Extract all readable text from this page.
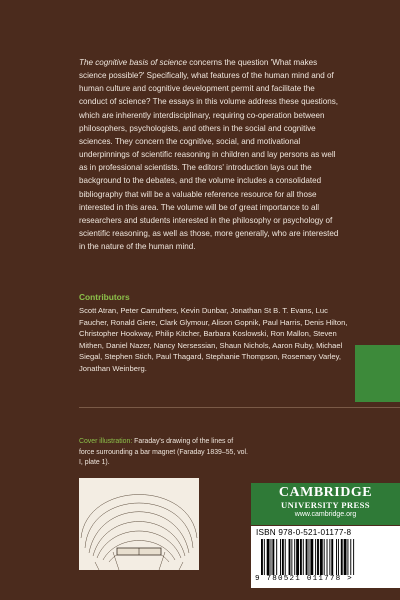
The cognitive basis of science concerns the question 'What makes science possible?' Specifically, what features of the human mind and of human culture and cognitive development permit and facilitate the conduct of science? The essays in this volume address these questions, which are inherently interdisciplinary, requiring co-operation between philosophers, psychologists, and others in the social and cognitive sciences. They concern the cognitive, social, and motivational underpinnings of scientific reasoning in children and lay persons as well as in professional scientists. The editors' introduction lays out the background to the debates, and the volume includes a consolidated bibliography that will be a valuable reference resource for all those interested in this area. The volume will be of great importance to all researchers and students interested in the philosophy or psychology of scientific reasoning, as well as those, more generally, who are interested in the nature of the human mind.

Contributors

Scott Atran, Peter Carruthers, Kevin Dunbar, Jonathan St B. T. Evans, Luc Faucher, Ronald Giere, Clark Glymour, Alison Gopnik, Paul Harris, Denis Hilton, Christopher Hookway, Philip Kitcher, Barbara Koslowski, Ron Mallon, Steven Mithen, Daniel Nazer, Nancy Nersessian, Shaun Nichols, Aaron Ruby, Michael Siegal, Stephen Stich, Paul Thagard, Stephanie Thompson, Rosemary Varley, Jonathan Weinberg.

Cover illustration: Faraday's drawing of the lines of force surrounding a bar magnet (Faraday 1839–55, vol. I, plate 1).

CAMBRIDGE
UNIVERSITY PRESS
www.cambridge.org
ISBN 978-0-521-01177-8
9 780521 011778 >
